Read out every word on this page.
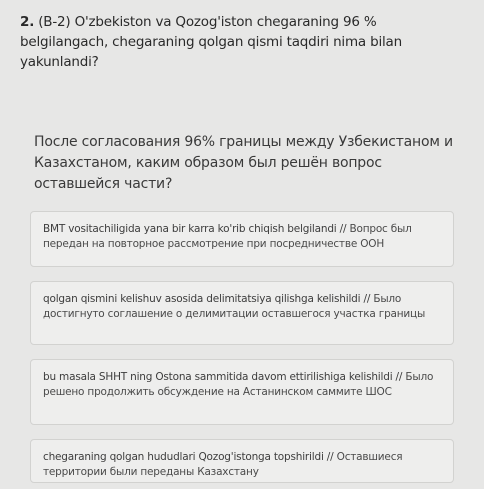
2. (B-2) O'zbekiston va Qozog'iston chegaraning 96 % belgilangach, chegaraning qolgan qismi taqdiri nima bilan yakunlandi?
После согласования 96% границы между Узбекистаном и Казахстаном, каким образом был решён вопрос оставшейся части?
BMT vositachiligida yana bir karra ko'rib chiqish belgilandi // Вопрос был передан на повторное рассмотрение при посредничестве ООН
qolgan qismini kelishuv asosida delimitatsiya qilishga kelishildi // Было достигнуто соглашение о делимитации оставшегося участка границы
bu masala SHHT ning Ostona sammitida davom ettirilishiga kelishildi // Было решено продолжить обсуждение на Астанинском саммите ШОС
chegaraning qolgan hududlari Qozog'istonga topshirildi // Оставшиеся территории были переданы Казахстану
